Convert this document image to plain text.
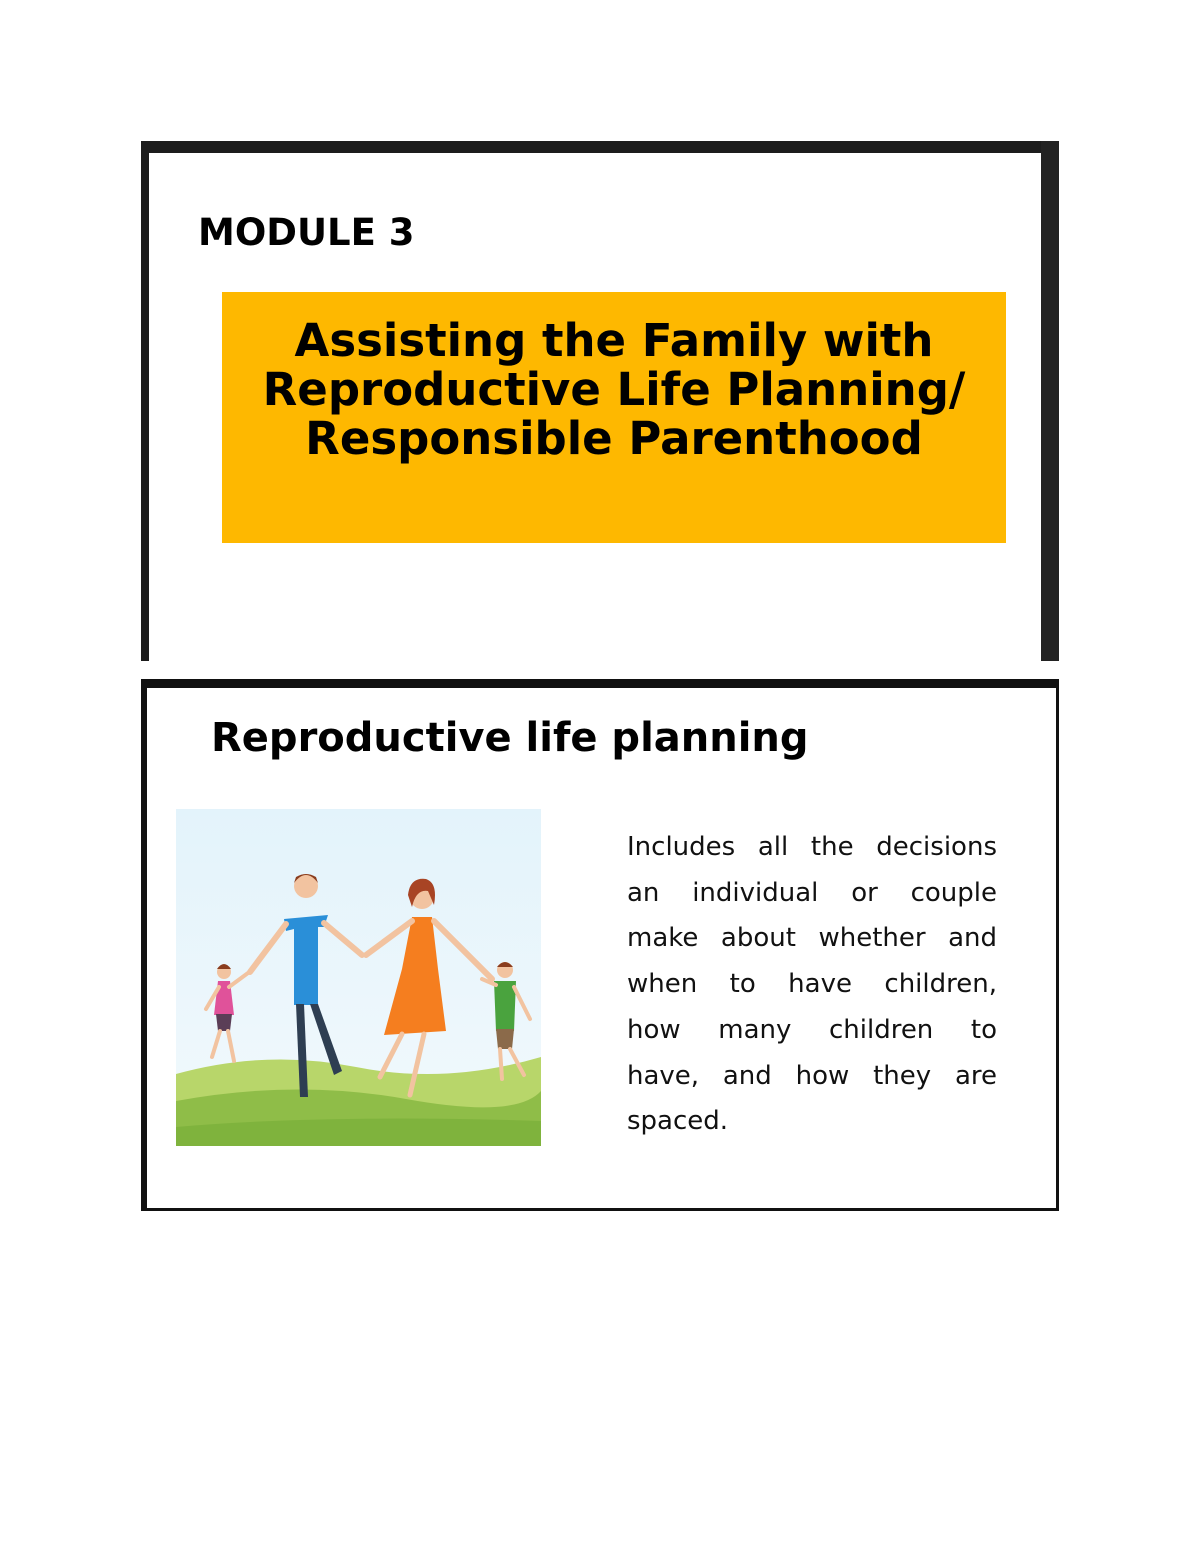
MODULE 3
Assisting the Family with
Reproductive Life Planning/
Responsible Parenthood
Reproductive life planning
Includes all the decisions an individual or couple make about whether and when to have children, how many children to have, and how they are spaced.
